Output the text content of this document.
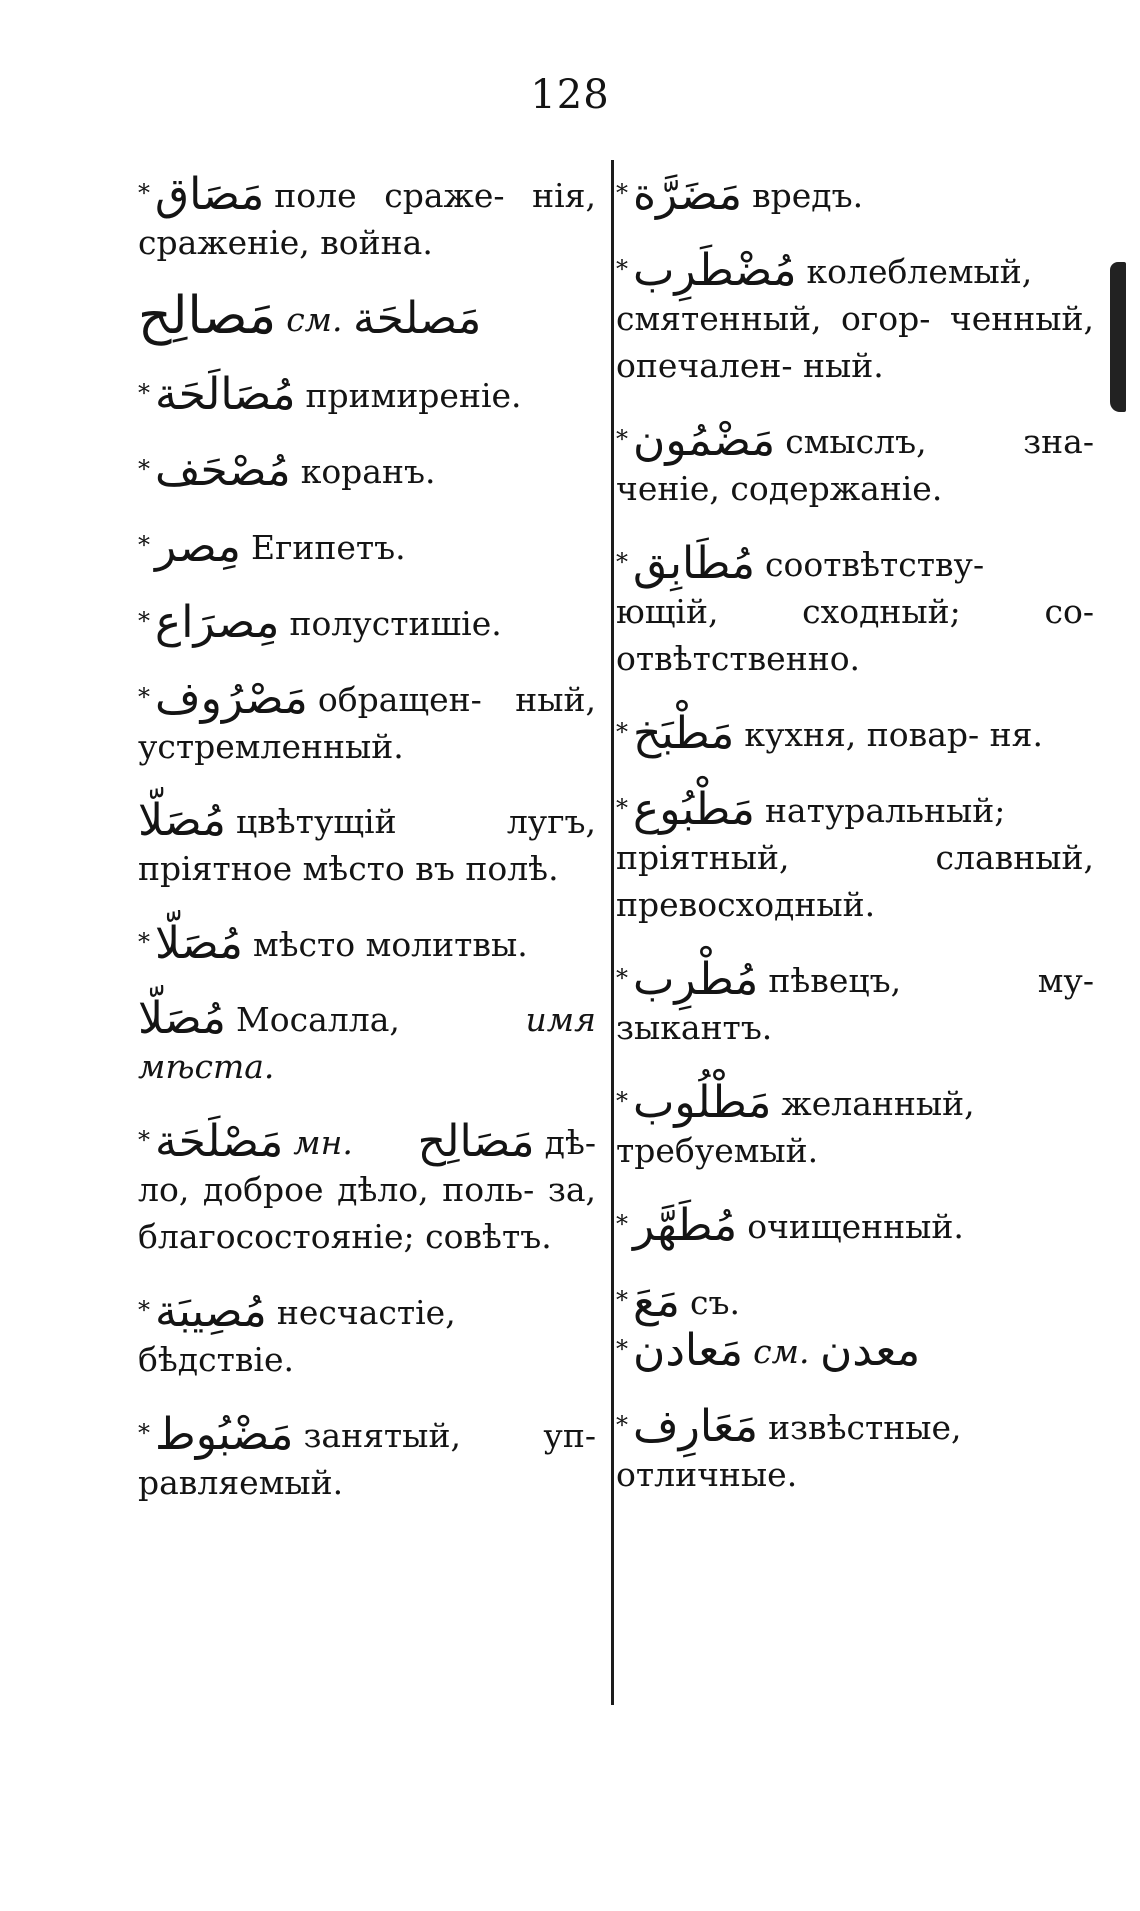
128

* مَصَاق поле сраже- нія, сраженіе, война.

مَصالِح см. مَصلحَة

* مُصَالَحَة примиреніе.

* مُصْحَف коранъ.

* مِصر Египетъ.

* مِصرَاع полустишіе.

* مَصْرُوف обращен- ный, устремленный.

مُصَلّا цвѣтущій лугъ, пріятное мѣсто въ полѣ.

* مُصَلّا мѣсто молитвы.

مُصَلّا Мосалла,	имя мѣста.

* مَصْلَحَة мн. مَصَالِح дѣ- ло, доброе дѣло, поль- за, благосостояніе; совѣтъ.

* مُصِيبَة несчастіе, бѣдствіе.

* مَضْبُوط занятый, уп- равляемый.

* مَضَرَّة вредъ.

* مُضْطَرِب колеблемый, смятенный, огор- ченный, опечален- ный.

* مَضْمُون смыслъ, зна- ченіе, содержаніе.

* مُطَابِق соотвѣтству- ющій, сходный; со- отвѣтственно.

* مَطْبَخ кухня, повар- ня.

* مَطْبُوع натуральный; пріятный, славный, превосходный.

* مُطْرِب пѣвецъ, му- зыкантъ.

* مَطْلُوب желанный, требуемый.

* مُطَهَّر очищенный.

* مَعَ съ.

* مَعادن см. معدن

* مَعَارِف извѣстные, отличные.
